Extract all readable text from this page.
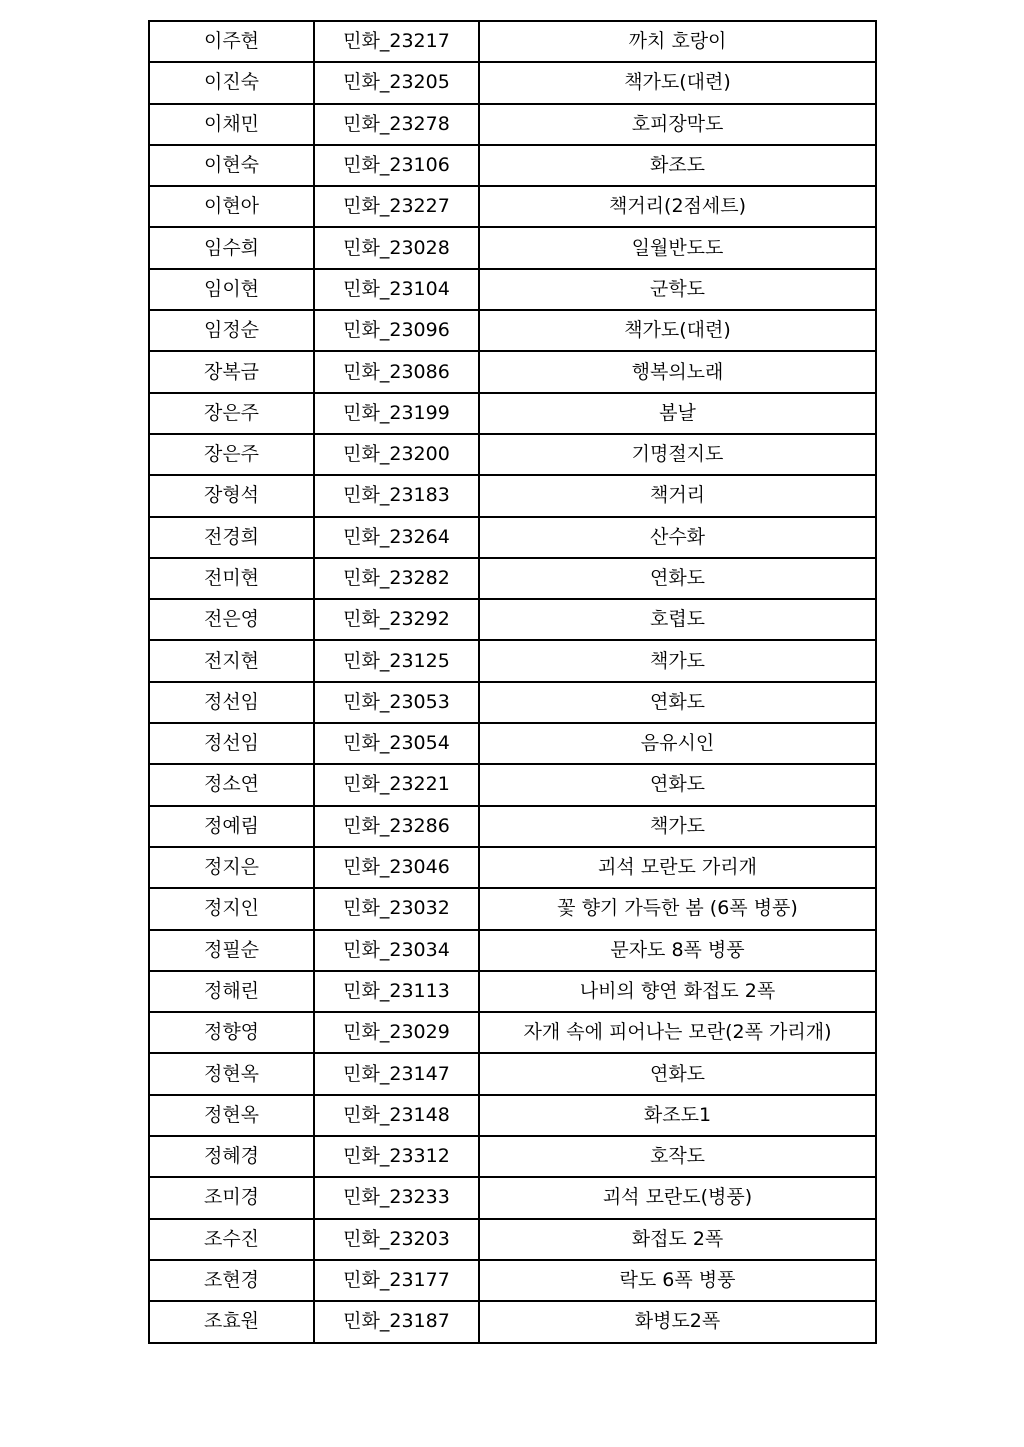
이주현	민화_23217	까치 호랑이
이진숙	민화_23205	책가도(대련)
이채민	민화_23278	호피장막도
이현숙	민화_23106	화조도
이현아	민화_23227	책거리(2점세트)
임수희	민화_23028	일월반도도
임이현	민화_23104	군학도
임정순	민화_23096	책가도(대련)
장복금	민화_23086	행복의노래
장은주	민화_23199	봄날
장은주	민화_23200	기명절지도
장형석	민화_23183	책거리
전경희	민화_23264	산수화
전미현	민화_23282	연화도
전은영	민화_23292	호렵도
전지현	민화_23125	책가도
정선임	민화_23053	연화도
정선임	민화_23054	음유시인
정소연	민화_23221	연화도
정예림	민화_23286	책가도
정지은	민화_23046	괴석 모란도 가리개
정지인	민화_23032	꽃 향기 가득한 봄 (6폭 병풍)
정필순	민화_23034	문자도 8폭 병풍
정해린	민화_23113	나비의 향연 화접도 2폭
정향영	민화_23029	자개 속에 피어나는 모란(2폭 가리개)
정현옥	민화_23147	연화도
정현옥	민화_23148	화조도1
정혜경	민화_23312	호작도
조미경	민화_23233	괴석 모란도(병풍)
조수진	민화_23203	화접도 2폭
조현경	민화_23177	락도 6폭 병풍
조효원	민화_23187	화병도2폭
